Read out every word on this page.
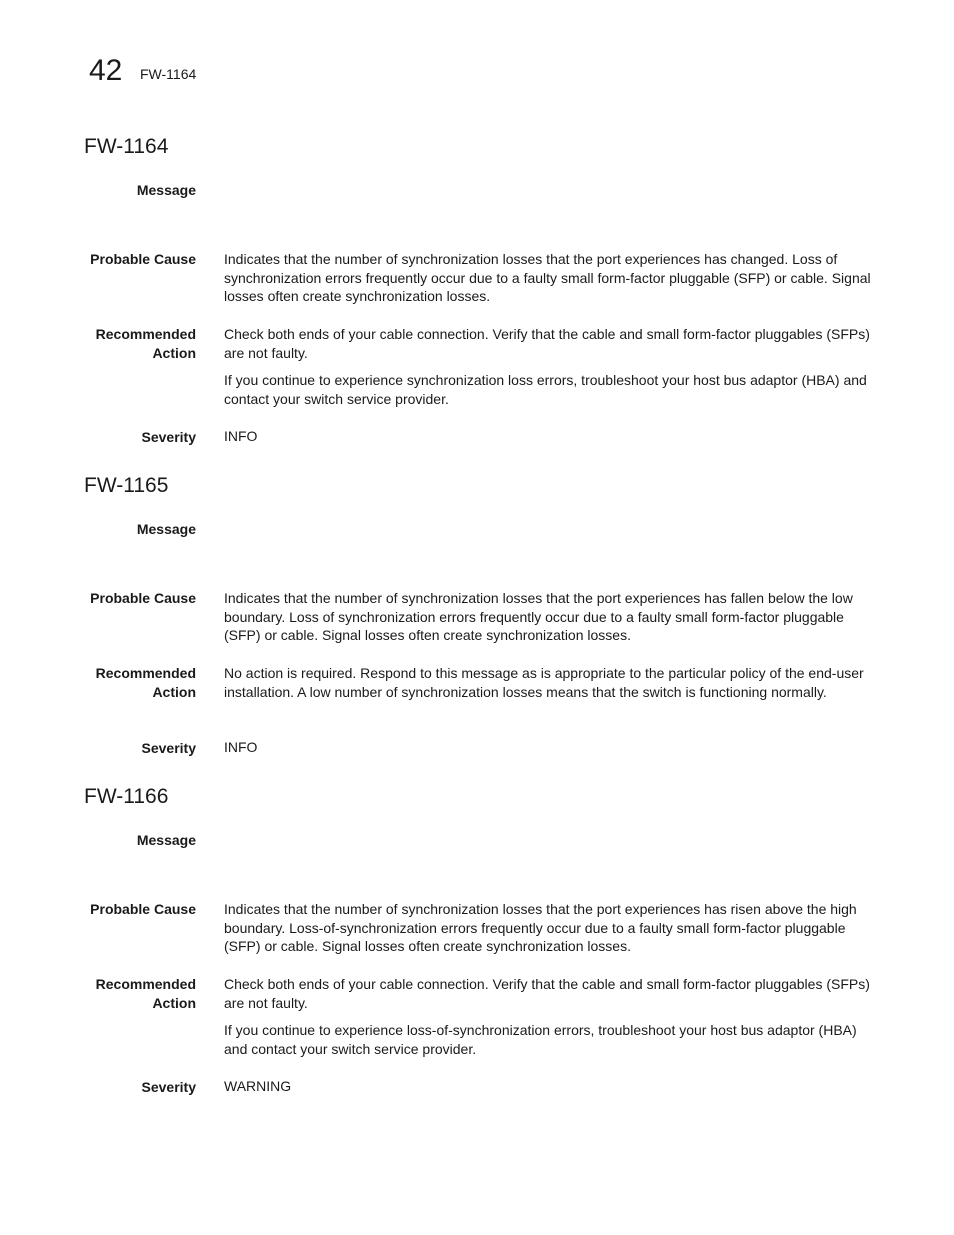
42 FW-1164
FW-1164
Message
Probable Cause Indicates that the number of synchronization losses that the port experiences has changed. Loss of synchronization errors frequently occur due to a faulty small form-factor pluggable (SFP) or cable. Signal losses often create synchronization losses.

Recommended
Action

Check both ends of your cable connection. Verify that the cable and small form-factor pluggables (SFPs) are not faulty.

If you continue to experience synchronization loss errors, troubleshoot your host bus adaptor (HBA) and contact your switch service provider.

Severity INFO
FW-1165
Message
Probable Cause Indicates that the number of synchronization losses that the port experiences has fallen below the low boundary. Loss of synchronization errors frequently occur due to a faulty small form-factor pluggable (SFP) or cable. Signal losses often create synchronization losses.

Recommended
Action

No action is required. Respond to this message as is appropriate to the particular policy of the end-user installation. A low number of synchronization losses means that the switch is functioning normally.

Severity INFO
FW-1166
Message
Probable Cause Indicates that the number of synchronization losses that the port experiences has risen above the high boundary. Loss-of-synchronization errors frequently occur due to a faulty small form-factor pluggable (SFP) or cable. Signal losses often create synchronization losses.

Recommended
Action

Check both ends of your cable connection. Verify that the cable and small form-factor pluggables (SFPs) are not faulty.

If you continue to experience loss-of-synchronization errors, troubleshoot your host bus adaptor (HBA) and contact your switch service provider.

Severity WARNING
